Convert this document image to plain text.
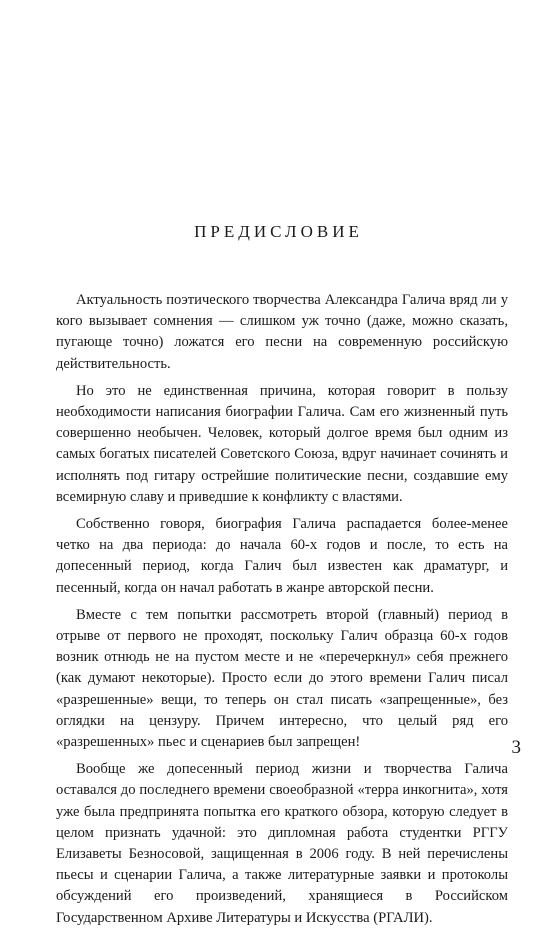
ПРЕДИСЛОВИЕ

Актуальность поэтического творчества Александра Галича вряд ли у кого вызывает сомнения — слишком уж точно (даже, можно сказать, пугающе точно) ложатся его песни на современную российскую действительность.

Но это не единственная причина, которая говорит в пользу необходимости написания биографии Галича. Сам его жизненный путь совершенно необычен. Человек, который долгое время был одним из самых богатых писателей Советского Союза, вдруг начинает сочинять и исполнять под гитару острейшие политические песни, создавшие ему всемирную славу и приведшие к конфликту с властями.

Собственно говоря, биография Галича распадается более-менее четко на два периода: до начала 60-х годов и после, то есть на допесенный период, когда Галич был известен как драматург, и песенный, когда он начал работать в жанре авторской песни.

Вместе с тем попытки рассмотреть второй (главный) период в отрыве от первого не проходят, поскольку Галич образца 60-х годов возник отнюдь не на пустом месте и не «перечеркнул» себя прежнего (как думают некоторые). Просто если до этого времени Галич писал «разрешенные» вещи, то теперь он стал писать «запрещенные», без оглядки на цензуру. Причем интересно, что целый ряд его «разрешенных» пьес и сценариев был запрещен!

Вообще же допесенный период жизни и творчества Галича оставался до последнего времени своеобразной «терра инкогнита», хотя уже была предпринята попытка его краткого обзора, которую следует в целом признать удачной: это дипломная работа студентки РГГУ Елизаветы Безносовой, защищенная в 2006 году. В ней перечислены пьесы и сценарии Галича, а также литературные заявки и протоколы обсуждений его произведений, хранящиеся в Российском Государственном Архиве Литературы и Искусства (РГАЛИ).

3
